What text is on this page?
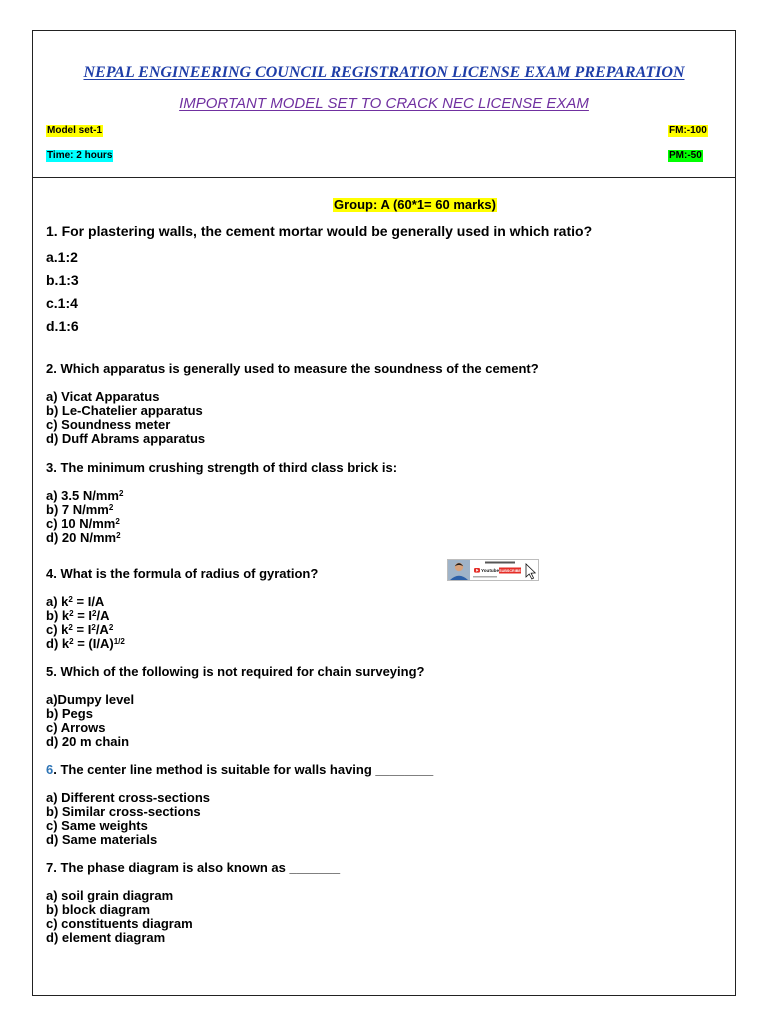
NEPAL ENGINEERING COUNCIL REGISTRATION LICENSE EXAM PREPARATION
IMPORTANT MODEL SET TO CRACK NEC LICENSE EXAM
Model set-1	FM:-100
Time: 2 hours	PM:-50
Group: A (60*1= 60 marks)
1. For plastering walls, the cement mortar would be generally used in which ratio?
a.1:2
b.1:3
c.1:4
d.1:6
2. Which apparatus is generally used to measure the soundness of the cement?
a) Vicat Apparatus
b) Le-Chatelier apparatus
c) Soundness meter
d) Duff Abrams apparatus
3. The minimum crushing strength of third class brick is:
a) 3.5 $N/mm^2$
b) 7 $N/mm^2$
c) 10 $N/mm^2$
d) 20 $N/mm^2$
4. What is the formula of radius of gyration?
a) $k^2 = I/A$
b) $k^2 = I^2/A$
c) $k^2 = I^2/A^2$
d) $k^2 = (I/A)^{1/2}$
5. Which of the following is not required for chain surveying?
a)Dumpy level
b) Pegs
c) Arrows
d) 20 m chain
6. The center line method is suitable for walls having ________
a) Different cross-sections
b) Similar cross-sections
c) Same weights
d) Same materials
7. The phase diagram is also known as _______
a) soil grain diagram
b) block diagram
c) constituents diagram
d) element diagram
Youtube SUBSCRIBE
